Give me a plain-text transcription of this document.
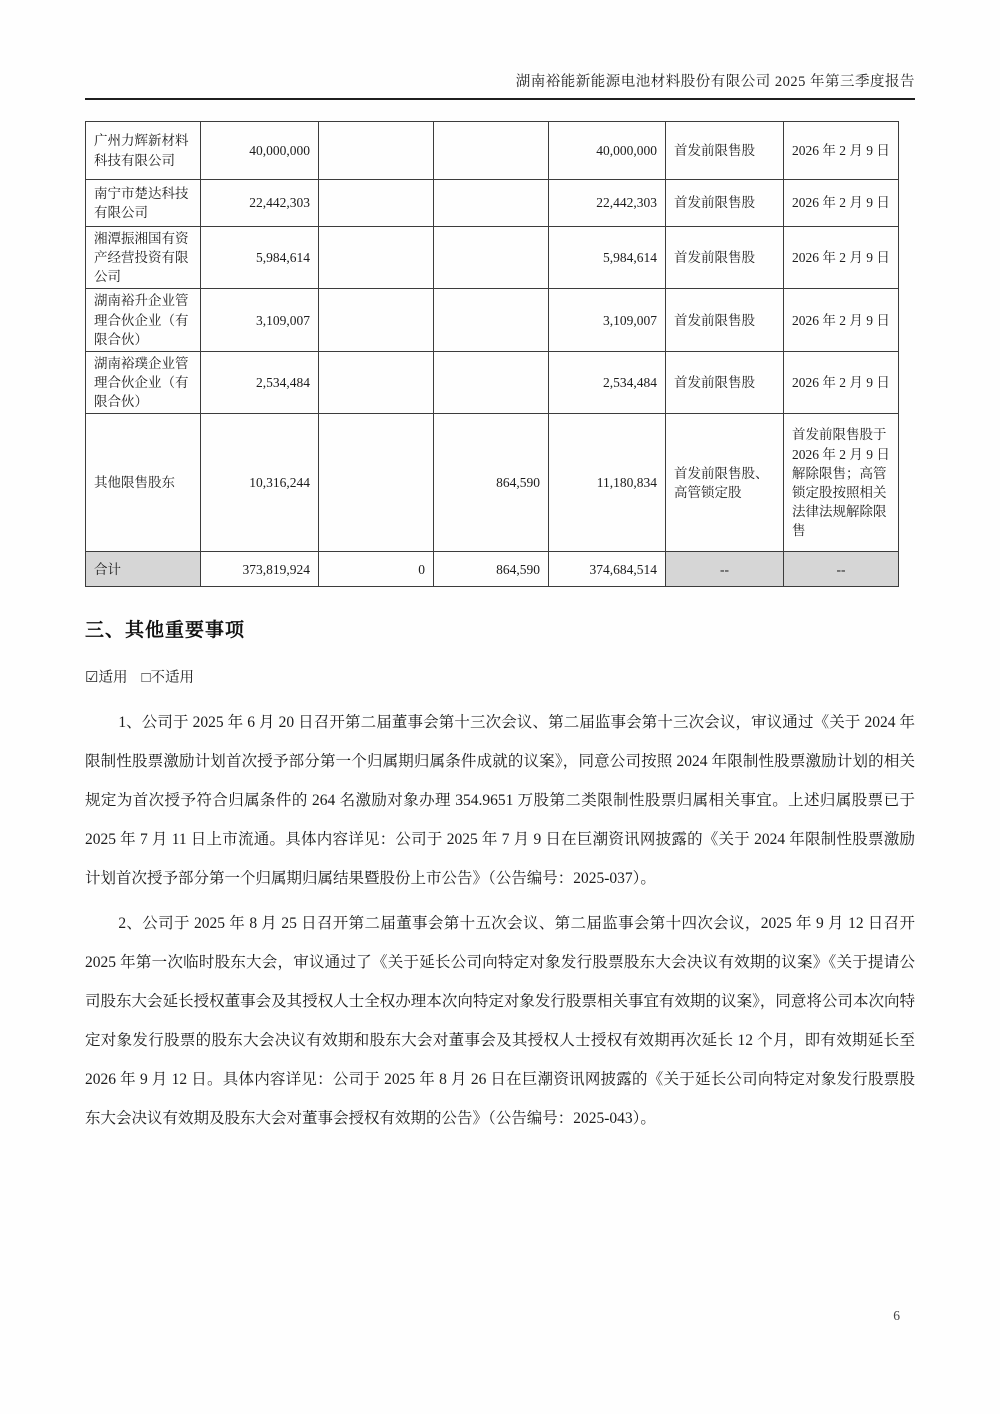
湖南裕能新能源电池材料股份有限公司 2025 年第三季度报告
广州力辉新材料科技有限公司	40,000,000			40,000,000	首发前限售股	2026 年 2 月 9 日
南宁市楚达科技有限公司	22,442,303			22,442,303	首发前限售股	2026 年 2 月 9 日
湘潭振湘国有资产经营投资有限公司	5,984,614			5,984,614	首发前限售股	2026 年 2 月 9 日
湖南裕升企业管理合伙企业（有限合伙）	3,109,007			3,109,007	首发前限售股	2026 年 2 月 9 日
湖南裕璞企业管理合伙企业（有限合伙）	2,534,484			2,534,484	首发前限售股	2026 年 2 月 9 日
其他限售股东	10,316,244		864,590	11,180,834	首发前限售股、高管锁定股	首发前限售股于 2026 年 2 月 9 日解除限售；高管锁定股按照相关法律法规解除限售
合计	373,819,924	0	864,590	374,684,514	--	--
三、其他重要事项
☑适用 □不适用

1、公司于 2025 年 6 月 20 日召开第二届董事会第十三次会议、第二届监事会第十三次会议，审议通过《关于 2024 年限制性股票激励计划首次授予部分第一个归属期归属条件成就的议案》，同意公司按照 2024 年限制性股票激励计划的相关规定为首次授予符合归属条件的 264 名激励对象办理 354.9651 万股第二类限制性股票归属相关事宜。上述归属股票已于 2025 年 7 月 11 日上市流通。具体内容详见：公司于 2025 年 7 月 9 日在巨潮资讯网披露的《关于 2024 年限制性股票激励计划首次授予部分第一个归属期归属结果暨股份上市公告》（公告编号：2025-037）。

2、公司于 2025 年 8 月 25 日召开第二届董事会第十五次会议、第二届监事会第十四次会议，2025 年 9 月 12 日召开 2025 年第一次临时股东大会，审议通过了《关于延长公司向特定对象发行股票股东大会决议有效期的议案》《关于提请公司股东大会延长授权董事会及其授权人士全权办理本次向特定对象发行股票相关事宜有效期的议案》，同意将公司本次向特定对象发行股票的股东大会决议有效期和股东大会对董事会及其授权人士授权有效期再次延长 12 个月，即有效期延长至 2026 年 9 月 12 日。具体内容详见：公司于 2025 年 8 月 26 日在巨潮资讯网披露的《关于延长公司向特定对象发行股票股东大会决议有效期及股东大会对董事会授权有效期的公告》（公告编号：2025-043）。

6
